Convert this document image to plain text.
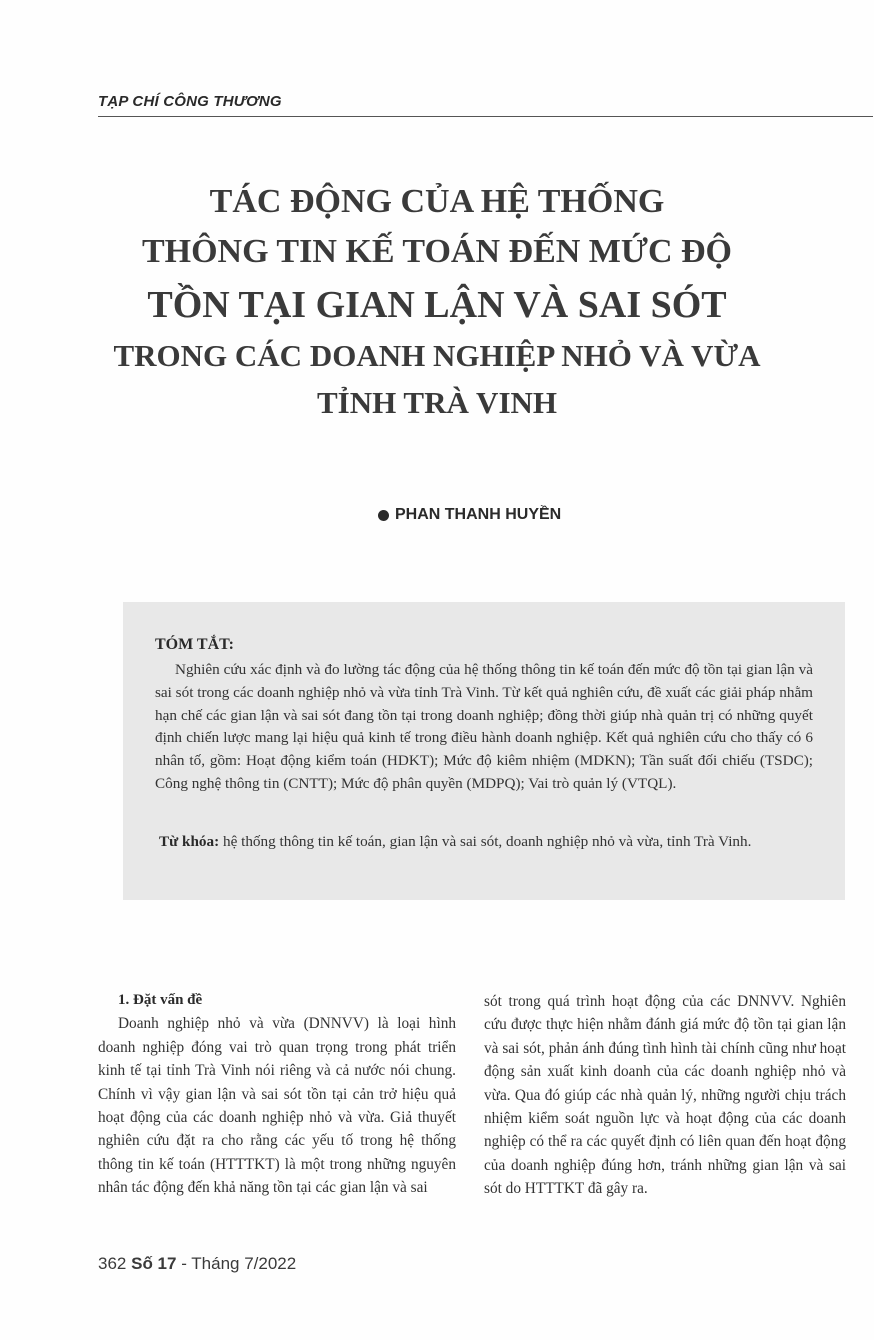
TẠP CHÍ CÔNG THƯƠNG
TÁC ĐỘNG CỦA HỆ THỐNG
THÔNG TIN KẾ TOÁN ĐẾN MỨC ĐỘ
TỒN TẠI GIAN LẬN VÀ SAI SÓT
TRONG CÁC DOANH NGHIỆP NHỎ VÀ VỪA
TỈNH TRÀ VINH
PHAN THANH HUYỀN
TÓM TẮT:

Nghiên cứu xác định và đo lường tác động của hệ thống thông tin kế toán đến mức độ tồn tại gian lận và sai sót trong các doanh nghiệp nhỏ và vừa tỉnh Trà Vinh. Từ kết quả nghiên cứu, đề xuất các giải pháp nhằm hạn chế các gian lận và sai sót đang tồn tại trong doanh nghiệp; đồng thời giúp nhà quản trị có những quyết định chiến lược mang lại hiệu quả kinh tế trong điều hành doanh nghiệp. Kết quả nghiên cứu cho thấy có 6 nhân tố, gồm: Hoạt động kiểm toán (HDKT); Mức độ kiêm nhiệm (MDKN); Tần suất đối chiếu (TSDC); Công nghệ thông tin (CNTT); Mức độ phân quyền (MDPQ); Vai trò quản lý (VTQL).

Từ khóa: hệ thống thông tin kế toán, gian lận và sai sót, doanh nghiệp nhỏ và vừa, tỉnh Trà Vinh.

1. Đặt vấn đề

Doanh nghiệp nhỏ và vừa (DNNVV) là loại hình doanh nghiệp đóng vai trò quan trọng trong phát triển kinh tế tại tỉnh Trà Vinh nói riêng và cả nước nói chung. Chính vì vậy gian lận và sai sót tồn tại cản trở hiệu quả hoạt động của các doanh nghiệp nhỏ và vừa. Giả thuyết nghiên cứu đặt ra cho rằng các yếu tố trong hệ thống thông tin kế toán (HTTTKT) là một trong những nguyên nhân tác động đến khả năng tồn tại các gian lận và sai

sót trong quá trình hoạt động của các DNNVV. Nghiên cứu được thực hiện nhằm đánh giá mức độ tồn tại gian lận và sai sót, phản ánh đúng tình hình tài chính cũng như hoạt động sản xuất kinh doanh của các doanh nghiệp nhỏ và vừa. Qua đó giúp các nhà quản lý, những người chịu trách nhiệm kiểm soát nguồn lực và hoạt động của các doanh nghiệp có thể ra các quyết định có liên quan đến hoạt động của doanh nghiệp đúng hơn, tránh những gian lận và sai sót do HTTTKT đã gây ra.

362 Số 17 - Tháng 7/2022
